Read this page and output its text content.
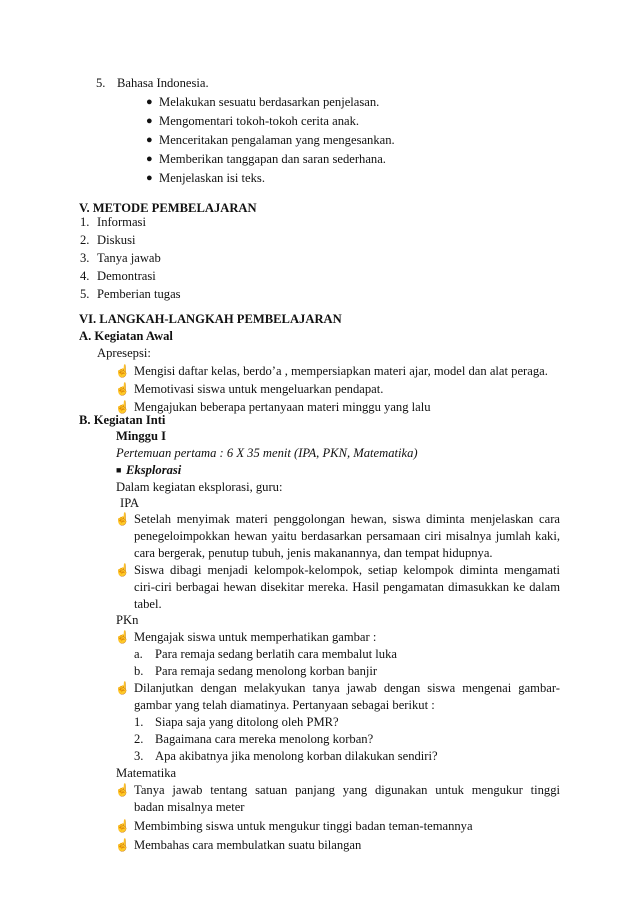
5. Bahasa Indonesia.
● Melakukan sesuatu berdasarkan penjelasan.
● Mengomentari tokoh-tokoh cerita anak.
● Menceritakan pengalaman yang mengesankan.
● Memberikan tanggapan dan saran sederhana.
● Menjelaskan isi teks.
V. METODE PEMBELAJARAN
1. Informasi
2. Diskusi
3. Tanya jawab
4. Demontrasi
5. Pemberian tugas
VI. LANGKAH-LANGKAH PEMBELAJARAN
A. Kegiatan Awal
Apresepsi:
☝ Mengisi daftar kelas, berdo’a , mempersiapkan materi ajar, model dan alat peraga.
☝ Memotivasi siswa untuk mengeluarkan pendapat.
☝ Mengajukan beberapa pertanyaan materi minggu yang lalu
B. Kegiatan Inti
Minggu I
Pertemuan pertama : 6 X 35 menit (IPA, PKN, Matematika)
■ Eksplorasi
Dalam kegiatan eksplorasi, guru:
IPA
☝ Setelah menyimak materi penggolongan hewan, siswa diminta menjelaskan cara
penegeloimpokkan hewan yaitu berdasarkan persamaan ciri misalnya jumlah kaki,
cara bergerak, penutup tubuh, jenis makanannya, dan tempat hidupnya.
☝ Siswa dibagi menjadi kelompok-kelompok, setiap kelompok diminta mengamati
ciri-ciri berbagai hewan disekitar mereka. Hasil pengamatan dimasukkan ke dalam
tabel.
PKn
☝ Mengajak siswa untuk memperhatikan gambar :
a. Para remaja sedang berlatih cara membalut luka
b. Para remaja sedang menolong korban banjir
☝ Dilanjutkan dengan melakyukan tanya jawab dengan siswa mengenai gambar-
gambar yang telah diamatinya. Pertanyaan sebagai berikut :
1. Siapa saja yang ditolong oleh PMR?
2. Bagaimana cara mereka menolong korban?
3. Apa akibatnya jika menolong korban dilakukan sendiri?
Matematika
☝ Tanya jawab tentang satuan panjang yang digunakan untuk mengukur tinggi
badan misalnya meter
☝ Membimbing siswa untuk mengukur tinggi badan teman-temannya
☝ Membahas cara membulatkan suatu bilangan
